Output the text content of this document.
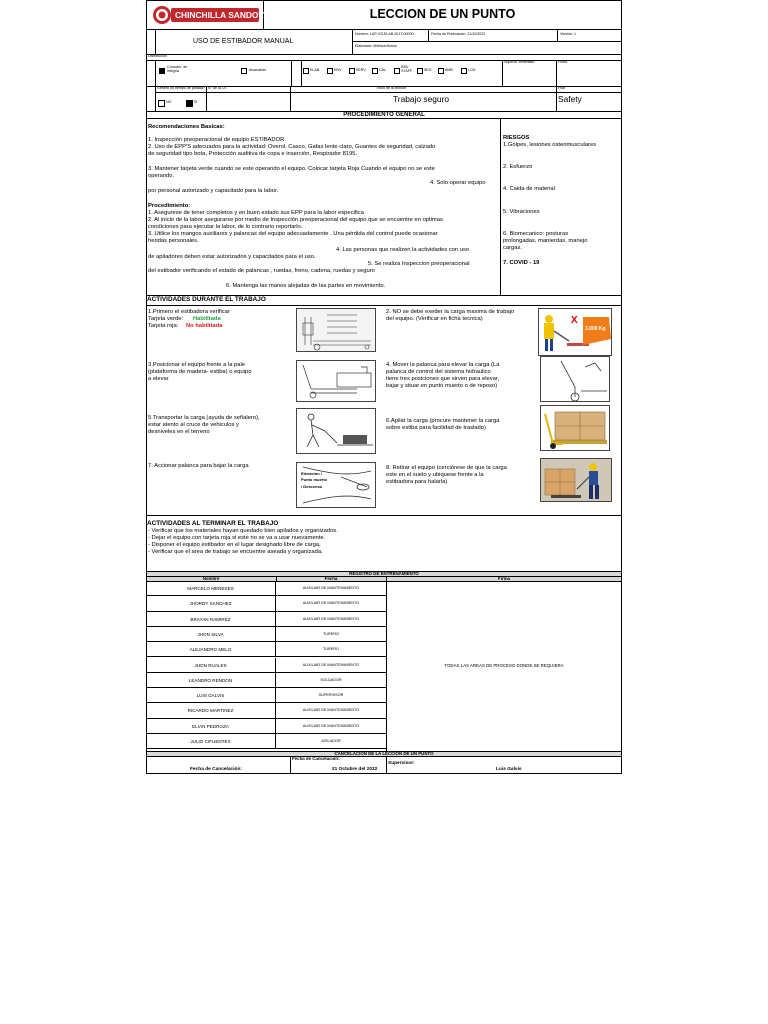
CHINCHILLA SANDOVAL	LECCION DE UN PUNTO
USO DE ESTIBADOR MANUAL
Número: LUP-VS-ELAB-2017-00000	Fecha de Publicación: 21/10/2022	Versión: 1
Elaborado: Melissa Bonsu
Distribución
Conocim. de integría	Anomalías	ELAB	ENV	SERV	CAL
ING/ STAFF	SEG	AMB	LOG
Superior Inmediato	Firma
Generó un tiempo de parada? N° de la OT
NO	SÍ
Título de la lección
Trabajo seguro
Pilar
Safety
PROCEDIMIENTO GENERAL
Recomendaciones Basicas:
1. Inspección preoperacional de equipo ESTIBADOR.
2. Uso de EPP'S adecuados para la actividad: Overol, Casco, Gafas lente claro, Guantes de seguridad, calzado
de seguridad tipo bota, Protección auditiva de copa e inserción, Respirador 8195.
3. Mantener tarjeta verde cuando se este operando el equipo. Colocar tarjeta Roja Cuando el equipo no se este
operando.
4. Solo operar equipo
por personal autorizado y capacitado para la labor.
Procedimiento:
1. Asegurese de tener completos y en buen estado sus EPP para la labor especifica
2. Al inicio de la labor asegurarse por medio de Inspección preoperacional del equipo que se encuentre en optimas
condiciones para ejecutar la labor, de lo contrario reportarlo.
3. Utilice los mangos auxiliares y palancas del equipo adecuadamente . Una pérdida del control puede ocasionar
heridas personales.
4. Las personas que realizen la actividades con uso
de apiladores deben estar autorizados y capacitados para el uso.
5. Se realiza Inspeccion preoperacional
del estibador verificando el estado de palancas , ruedas, freno, cadena, ruedas y seguro
6. Mantenga las manos alejadas de las partes en movimiento.
RIESGOS
1.Golpes, lesiones osteomusculares
2. Esfuerzo
4. Caida de material
5. Vibraciones
6. Biomecanico: posturas
prolongadas, manierdas, manejo
cargas.
7. COVID - 19
ACTIVIDADES DURANTE EL TRABAJO
1.Primero el estibadora verificar
Tarjeta verde: Habilitada
Tarjeta roja: No habilitada
2. NO se debe exeder la carga maxima de trabajo
del equipo. (Verificar en ficha tecnica)	X
3.000 Kg
3.Posicionar el equipo frente a la pale
(plataforma de madera- estiba) o equipo
a elevar
4. Mover la palanca para elevar la carga (La
palanca de control del sistema hidraulico
tiene tres posiciones que sirven para elevar,
bajar y situar en punto muerto o de reposo)
5.Transportar la carga (ayuda de señalero),
estar atento al cruce de vehiculos y
desniveles en el terreno
6.Apilar la carga (procure mantener la carga
sobre estiba para facilidad de traslado)
7. Accionar palanca para bajar la carga
Elevación / Punto muerto / Descenso
8. Retirar el equipo (cerciórese de que la carga
este en el suelo y ubiquese frente a la
estibadora para halarla)
ACTIVIDADES AL TERMINAR EL TRABAJO
- Verificar que los materiales hayan quedado bien apilados y organizados.
- Dejar el equipo con tarjeta roja si este no se va a usar nuevamente.
- Disponer el equipo estibador en el lugar designado libre de carga.
- Verificar que el area de trabajo se encuentre aseada y organizada.
REGISTRO DE ENTRENAMIENTO
Nombre	Fecha	Firma
TODAS LAS AREAS DE PROCESO DONDE SE REQUIERA
CANCELACIÓN DE LA LECCIÓN DE UN PUNTO
Fecha de Cancelación:
Fecha de Cancelación:	21 Octubre del 2022
Supervisor:
Luis Galvis
MARCELO MENESES	AUXILIAR DE MANTENIMIENTO
JHORDY SANCHEZ	AUXILIAR DE MANTENIMIENTO
BRAYAN RAMIREZ	AUXILIAR DE MANTENIMIENTO
JHON SILVA	TURERO
ALEJANDRO MELO	TURERO
JHON RUALES	AUXILIAR DE MANTENIMIENTO
LEANDRO RENDON	SOLDADOR
LUIS GALVIS	SUPERVISOR
RICARDO MARTINEZ	AUXILIAR DE MANTENIMIENTO
ELIAN PEDROZA	AUXILIAR DE MANTENIMIENTO
JULIO CIFUENTES	AISLADOR
